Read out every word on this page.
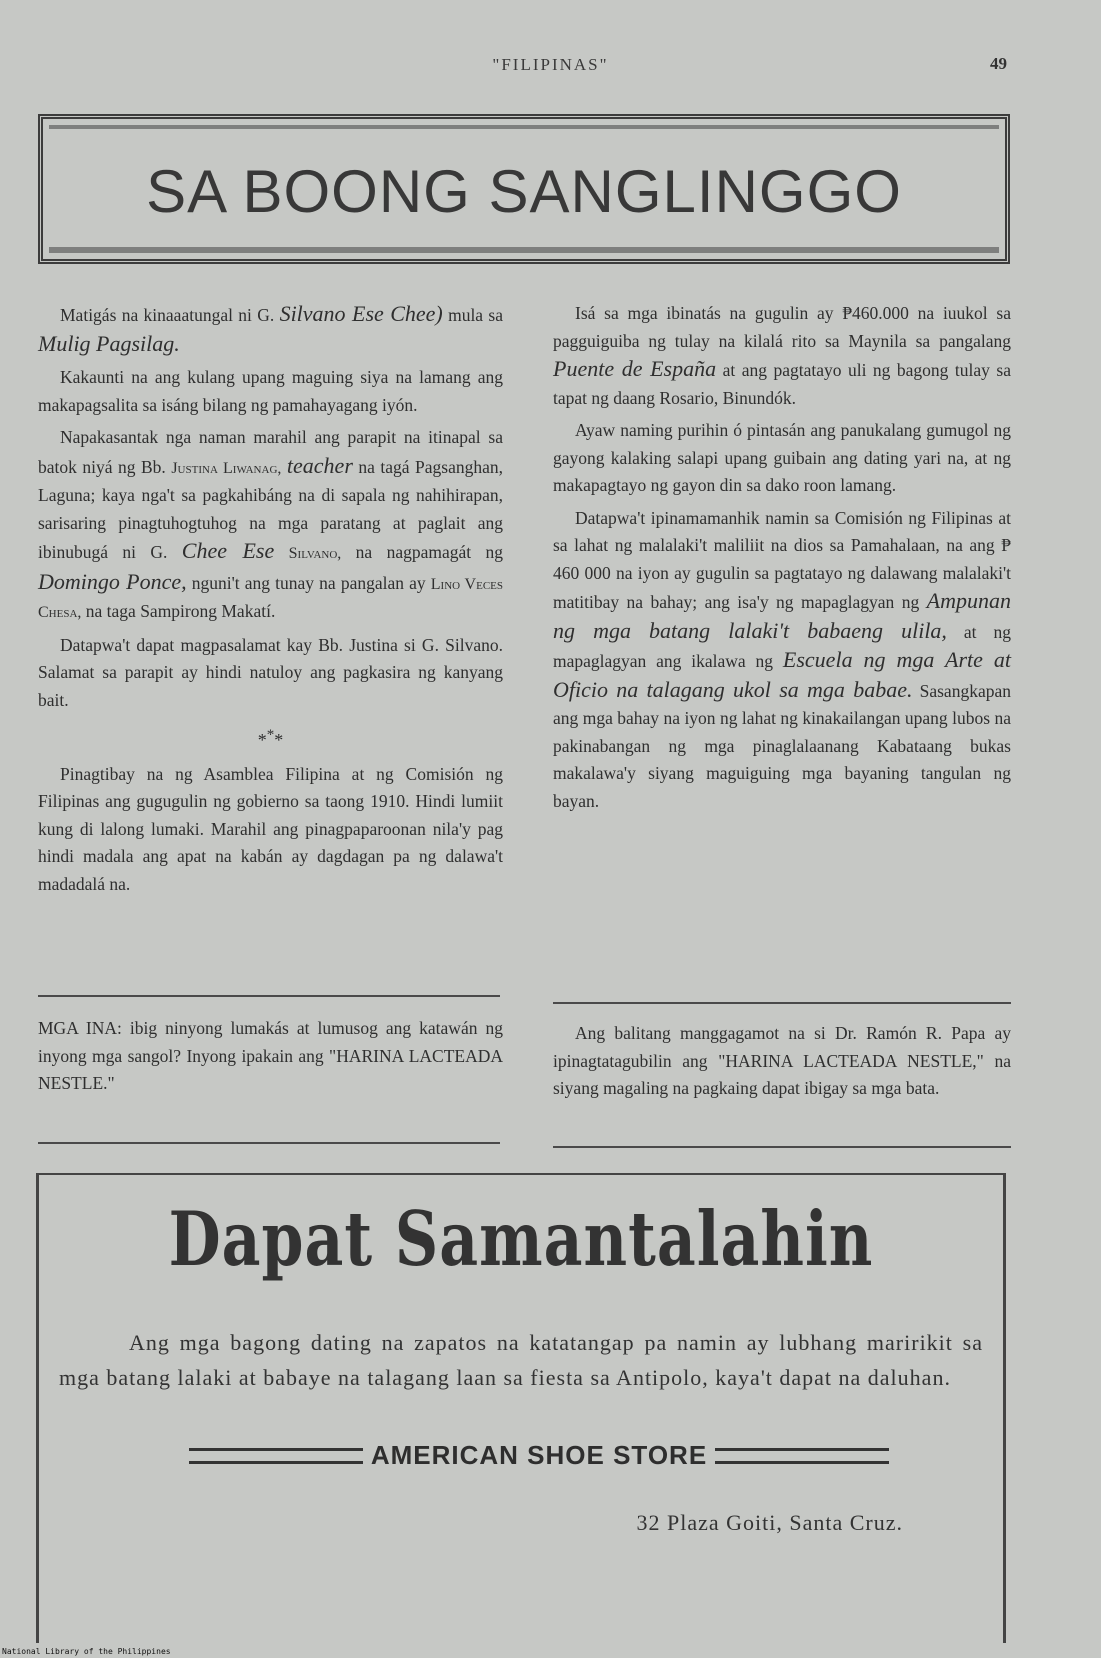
"FILIPINAS"	49
SA BOONG SANGLINGGO

Matigás na kinaaatungal ni G. Silvano Ese Chee) mula sa Mulig Pagsilag.

Kakaunti na ang kulang upang maguing siya na lamang ang makapagsalita sa isáng bilang ng pamahayagang iyón.

Napakasantak nga naman marahil ang parapit na itinapal sa batok niyá ng Bb. Justina Liwanag, teacher na tagá Pagsanghan, Laguna; kaya nga't sa pagkahibáng na di sapala ng nahihirapan, sarisaring pinagtuhogtuhog na mga paratang at paglait ang ibinubugá ni G. Chee Ese Silvano, na nagpamagát ng Domingo Ponce, nguni't ang tunay na pangalan ay Lino Veces Chesa, na taga Sampirong Makatí.

Datapwa't dapat magpasalamat kay Bb. Justina si G. Silvano. Salamat sa parapit ay hindi natuloy ang pagkasira ng kanyang bait.

***

Pinagtibay na ng Asamblea Filipina at ng Comisión ng Filipinas ang gugugulin ng gobierno sa taong 1910. Hindi lumiit kung di lalong lumaki. Marahil ang pinagpaparoonan nila'y pag hindi madala ang apat na kabán ay dagdagan pa ng dalawa't madadalá na.

Isá sa mga ibinatás na gugulin ay ₱460.000 na iuukol sa pagguiguiba ng tulay na kilalá rito sa Maynila sa pangalang Puente de España at ang pagtatayo uli ng bagong tulay sa tapat ng daang Rosario, Binundók.

Ayaw naming purihin ó pintasán ang panukalang gumugol ng gayong kalaking salapi upang guibain ang dating yari na, at ng makapagtayo ng gayon din sa dako roon lamang.

Datapwa't ipinamamanhik namin sa Comisión ng Filipinas at sa lahat ng malalaki't maliliit na dios sa Pamahalaan, na ang ₱ 460 000 na iyon ay gugulin sa pagtatayo ng dalawang malalaki't matitibay na bahay; ang isa'y ng mapaglagyan ng Ampunan ng mga batang lalaki't babaeng ulila, at ng mapaglagyan ang ikalawa ng Escuela ng mga Arte at Oficio na talagang ukol sa mga babae. Sasangkapan ang mga bahay na iyon ng lahat ng kinakailangan upang lubos na pakinabangan ng mga pinaglalaanang Kabataang bukas makalawa'y siyang maguiguing mga bayaning tangulan ng bayan.

MGA INA: ibig ninyong lumakás at lumusog ang katawán ng inyong mga sangol? Inyong ipakain ang "HARINA LACTEADA NESTLE."

Ang balitang manggagamot na si Dr. Ramón R. Papa ay ipinagtatagubilin ang "HARINA LACTEADA NESTLE," na siyang magaling na pagkaing dapat ibigay sa mga bata.

Dapat Samantalahin
Ang mga bagong dating na zapatos na katatangap pa namin ay lubhang maririkit sa mga batang lalaki at babaye na talagang laan sa fiesta sa Antipolo, kaya't dapat na daluhan.
AMERICAN SHOE STORE
32 Plaza Goiti, Santa Cruz.
National Library of the Philippines
